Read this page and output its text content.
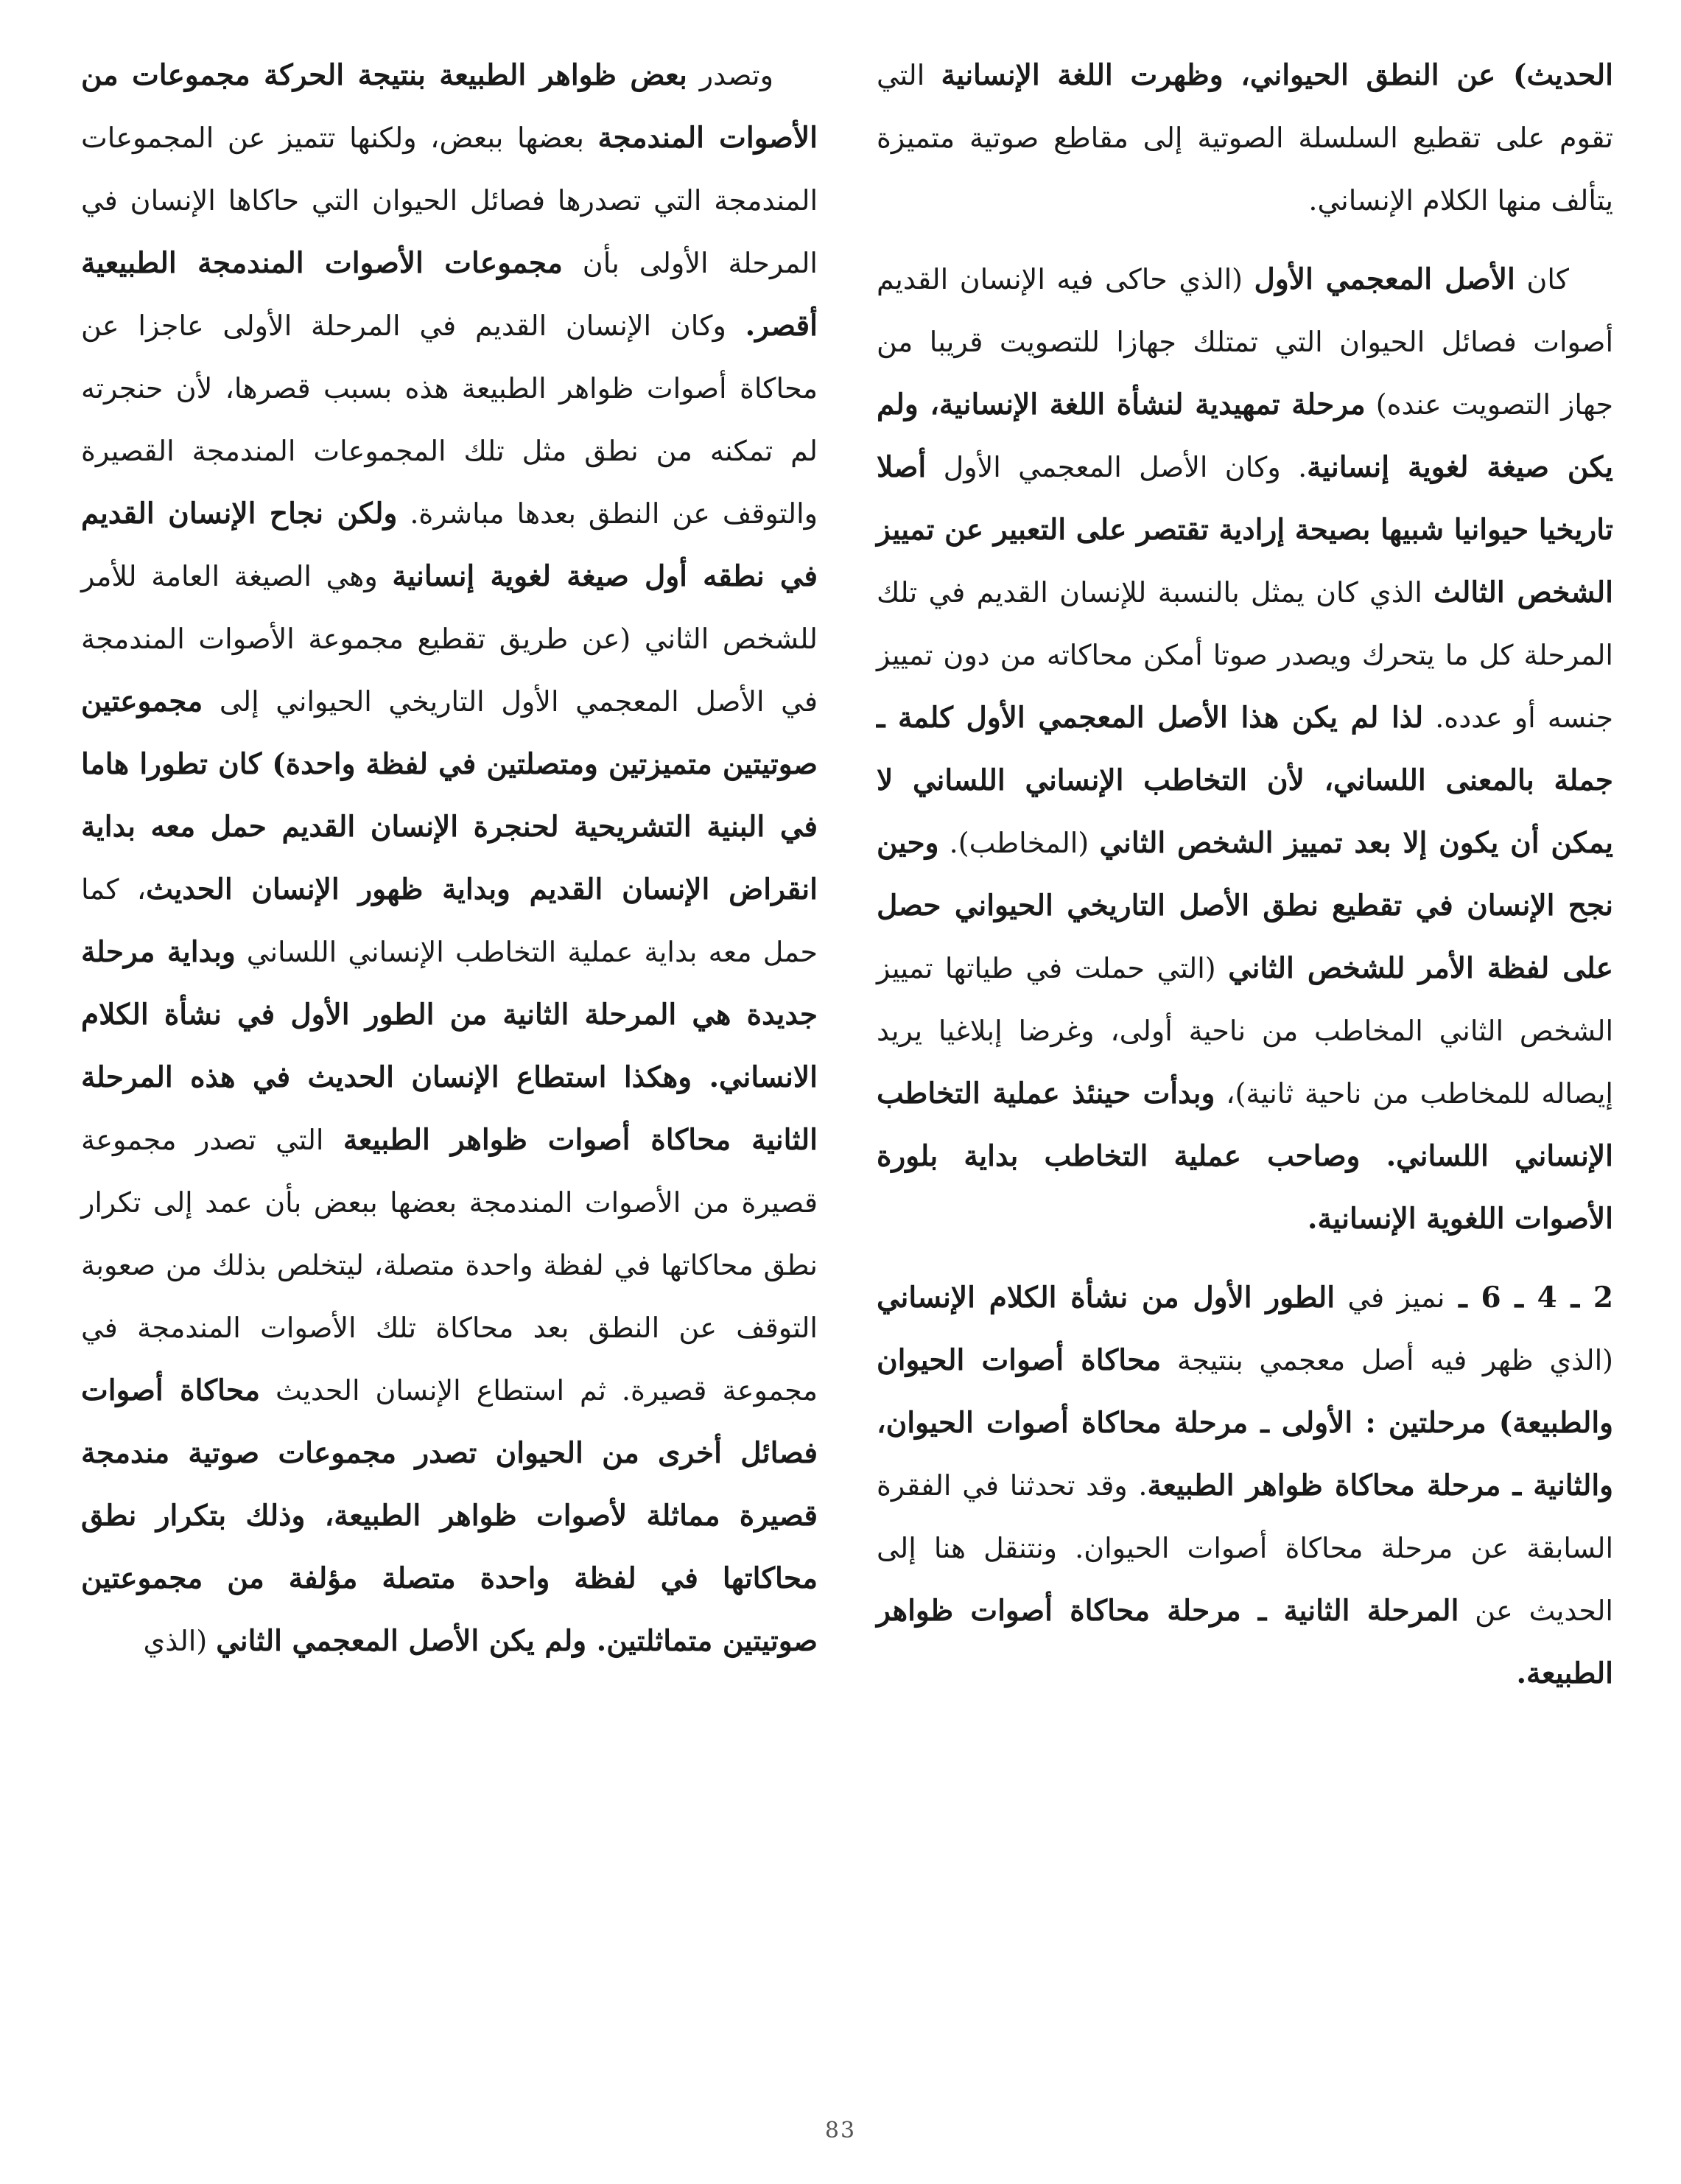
الحديث) عن النطق الحيواني، وظهرت اللغة الإنسانية التي تقوم على تقطيع السلسلة الصوتية إلى مقاطع صوتية متميزة يتألف منها الكلام الإنساني.

كان الأصل المعجمي الأول (الذي حاكى فيه الإنسان القديم أصوات فصائل الحيوان التي تمتلك جهازا للتصويت قريبا من جهاز التصويت عنده) مرحلة تمهيدية لنشأة اللغة الإنسانية، ولم يكن صيغة لغوية إنسانية. وكان الأصل المعجمي الأول أصلا تاريخيا حيوانيا شبيها بصيحة إرادية تقتصر على التعبير عن تمييز الشخص الثالث الذي كان يمثل بالنسبة للإنسان القديم في تلك المرحلة كل ما يتحرك ويصدر صوتا أمكن محاكاته من دون تمييز جنسه أو عدده. لذا لم يكن هذا الأصل المعجمي الأول كلمة ـ جملة بالمعنى اللساني، لأن التخاطب الإنساني اللساني لا يمكن أن يكون إلا بعد تمييز الشخص الثاني (المخاطب). وحين نجح الإنسان في تقطيع نطق الأصل التاريخي الحيواني حصل على لفظة الأمر للشخص الثاني (التي حملت في طياتها تمييز الشخص الثاني المخاطب من ناحية أولى، وغرضا إبلاغيا يريد إيصاله للمخاطب من ناحية ثانية)، وبدأت حينئذ عملية التخاطب الإنساني اللساني. وصاحب عملية التخاطب بداية بلورة الأصوات اللغوية الإنسانية.

2 ـ 4 ـ 6 ـ نميز في الطور الأول من نشأة الكلام الإنساني (الذي ظهر فيه أصل معجمي بنتيجة محاكاة أصوات الحيوان والطبيعة) مرحلتين : الأولى ـ مرحلة محاكاة أصوات الحيوان، والثانية ـ مرحلة محاكاة ظواهر الطبيعة. وقد تحدثنا في الفقرة السابقة عن مرحلة محاكاة أصوات الحيوان. ونتنقل هنا إلى الحديث عن المرحلة الثانية ـ مرحلة محاكاة أصوات ظواهر الطبيعة.

وتصدر بعض ظواهر الطبيعة بنتيجة الحركة مجموعات من الأصوات المندمجة بعضها ببعض، ولكنها تتميز عن المجموعات المندمجة التي تصدرها فصائل الحيوان التي حاكاها الإنسان في المرحلة الأولى بأن مجموعات الأصوات المندمجة الطبيعية أقصر. وكان الإنسان القديم في المرحلة الأولى عاجزا عن محاكاة أصوات ظواهر الطبيعة هذه بسبب قصرها، لأن حنجرته لم تمكنه من نطق مثل تلك المجموعات المندمجة القصيرة والتوقف عن النطق بعدها مباشرة. ولكن نجاح الإنسان القديم في نطقه أول صيغة لغوية إنسانية وهي الصيغة العامة للأمر للشخص الثاني (عن طريق تقطيع مجموعة الأصوات المندمجة في الأصل المعجمي الأول التاريخي الحيواني إلى مجموعتين صوتيتين متميزتين ومتصلتين في لفظة واحدة) كان تطورا هاما في البنية التشريحية لحنجرة الإنسان القديم حمل معه بداية انقراض الإنسان القديم وبداية ظهور الإنسان الحديث، كما حمل معه بداية عملية التخاطب الإنساني اللساني وبداية مرحلة جديدة هي المرحلة الثانية من الطور الأول في نشأة الكلام الانساني. وهكذا استطاع الإنسان الحديث في هذه المرحلة الثانية محاكاة أصوات ظواهر الطبيعة التي تصدر مجموعة قصيرة من الأصوات المندمجة بعضها ببعض بأن عمد إلى تكرار نطق محاكاتها في لفظة واحدة متصلة، ليتخلص بذلك من صعوبة التوقف عن النطق بعد محاكاة تلك الأصوات المندمجة في مجموعة قصيرة. ثم استطاع الإنسان الحديث محاكاة أصوات فصائل أخرى من الحيوان تصدر مجموعات صوتية مندمجة قصيرة مماثلة لأصوات ظواهر الطبيعة، وذلك بتكرار نطق محاكاتها في لفظة واحدة متصلة مؤلفة من مجموعتين صوتيتين متماثلتين. ولم يكن الأصل المعجمي الثاني (الذي

83
